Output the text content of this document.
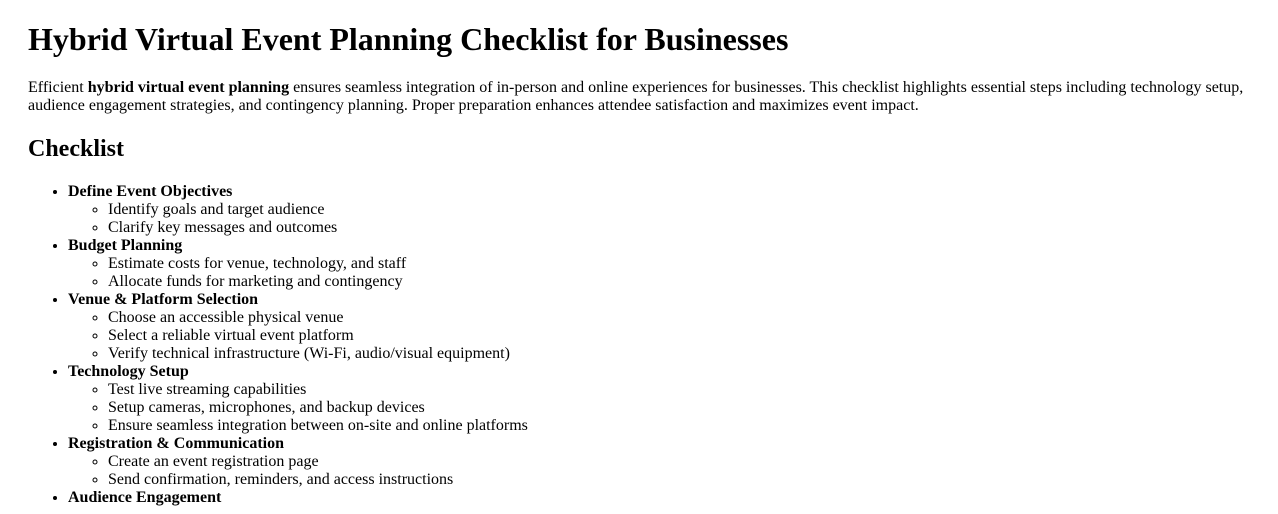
Hybrid Virtual Event Planning Checklist for Businesses

Efficient hybrid virtual event planning ensures seamless integration of in-person and online experiences for businesses. This checklist highlights essential steps including technology setup, audience engagement strategies, and contingency planning. Proper preparation enhances attendee satisfaction and maximizes event impact.

Checklist
• Define Event Objectives
◦ Identify goals and target audience
◦ Clarify key messages and outcomes
• Budget Planning
◦ Estimate costs for venue, technology, and staff
◦ Allocate funds for marketing and contingency
• Venue & Platform Selection
◦ Choose an accessible physical venue
◦ Select a reliable virtual event platform
◦ Verify technical infrastructure (Wi-Fi, audio/visual equipment)
• Technology Setup
◦ Test live streaming capabilities
◦ Setup cameras, microphones, and backup devices
◦ Ensure seamless integration between on-site and online platforms
• Registration & Communication
◦ Create an event registration page
◦ Send confirmation, reminders, and access instructions
• Audience Engagement
